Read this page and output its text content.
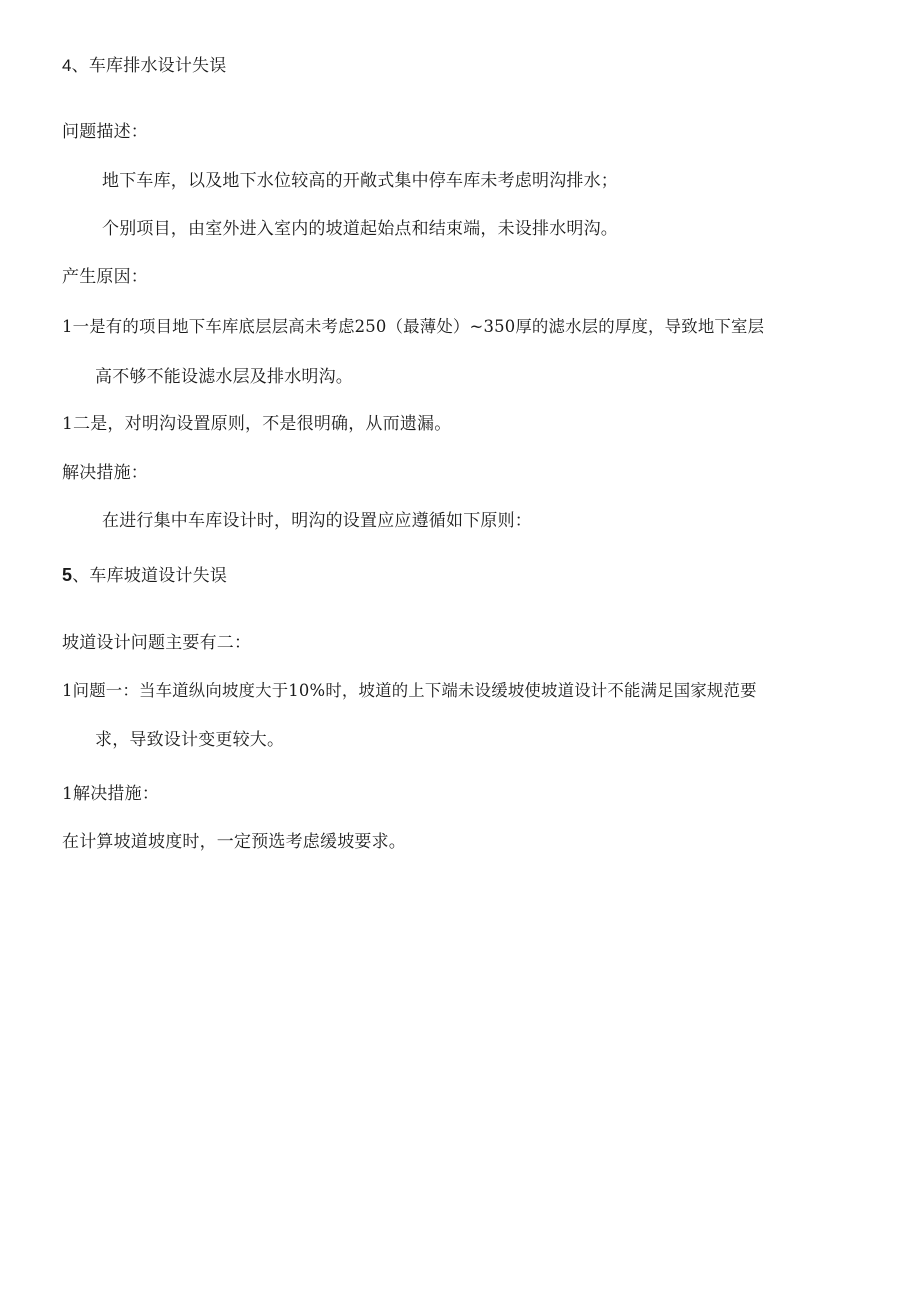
4、车库排水设计失误
问题描述：
地下车库，以及地下水位较高的开敞式集中停车库未考虑明沟排水；
个别项目，由室外进入室内的坡道起始点和结束端，未设排水明沟。
产生原因：
1一是有的项目地下车库底层层高未考虑250（最薄处）~350厚的滤水层的厚度，导致地下室层
高不够不能设滤水层及排水明沟。
1二是，对明沟设置原则，不是很明确，从而遗漏。
解决措施：
在进行集中车库设计时，明沟的设置应应遵循如下原则：
5、车库坡道设计失误
坡道设计问题主要有二：
1问题一：当车道纵向坡度大于10%时，坡道的上下端未设缓坡使坡道设计不能满足国家规范要
求，导致设计变更较大。
1解决措施：
在计算坡道坡度时，一定预选考虑缓坡要求。
